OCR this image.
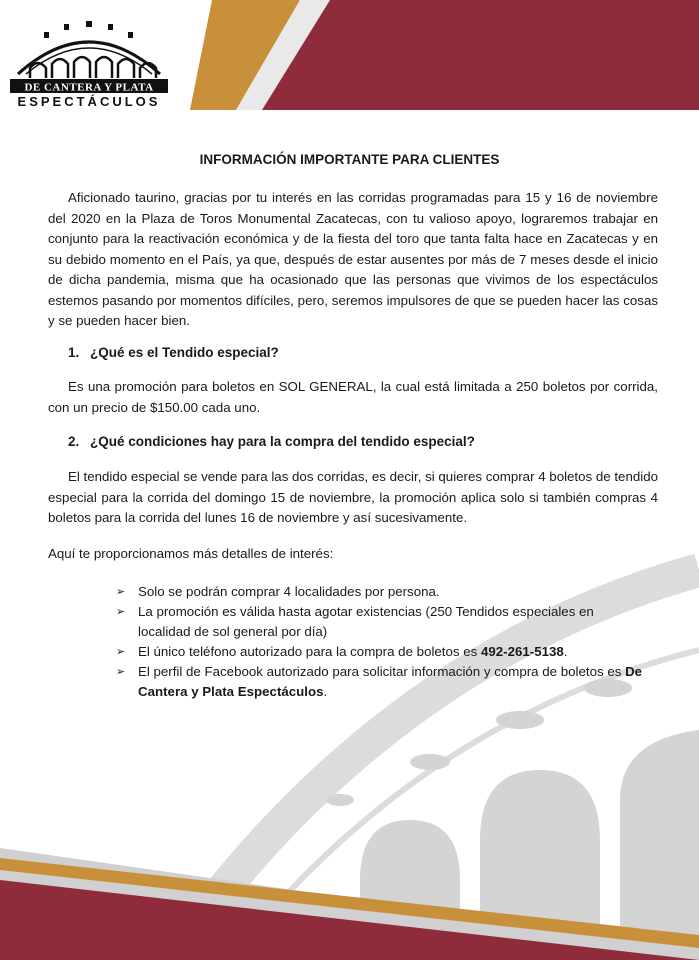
DE CANTERA Y PLATA
ESPECTÁCULOS
INFORMACIÓN IMPORTANTE PARA CLIENTES

Aficionado taurino, gracias por tu interés en las corridas programadas para 15 y 16 de noviembre del 2020 en la Plaza de Toros Monumental Zacatecas, con tu valioso apoyo, lograremos trabajar en conjunto para la reactivación económica y de la fiesta del toro que tanta falta hace en Zacatecas y en su debido momento en el País, ya que, después de estar ausentes por más de 7 meses desde el inicio de dicha pandemia, misma que ha ocasionado que las personas que vivimos de los espectáculos estemos pasando por momentos difíciles, pero, seremos impulsores de que se pueden hacer las cosas y se pueden hacer bien.

1. ¿Qué es el Tendido especial?

Es una promoción para boletos en SOL GENERAL, la cual está limitada a 250 boletos por corrida, con un precio de $150.00 cada uno.

2. ¿Qué condiciones hay para la compra del tendido especial?

El tendido especial se vende para las dos corridas, es decir, si quieres comprar 4 boletos de tendido especial para la corrida del domingo 15 de noviembre, la promoción aplica solo si también compras 4 boletos para la corrida del lunes 16 de noviembre y así sucesivamente.

Aquí te proporcionamos más detalles de interés:

➢ Solo se podrán comprar 4 localidades por persona.
➢ La promoción es válida hasta agotar existencias (250 Tendidos especiales en localidad de sol general por día)
➢ El único teléfono autorizado para la compra de boletos es 492-261-5138.
➢ El perfil de Facebook autorizado para solicitar información y compra de boletos es De Cantera y Plata Espectáculos.
